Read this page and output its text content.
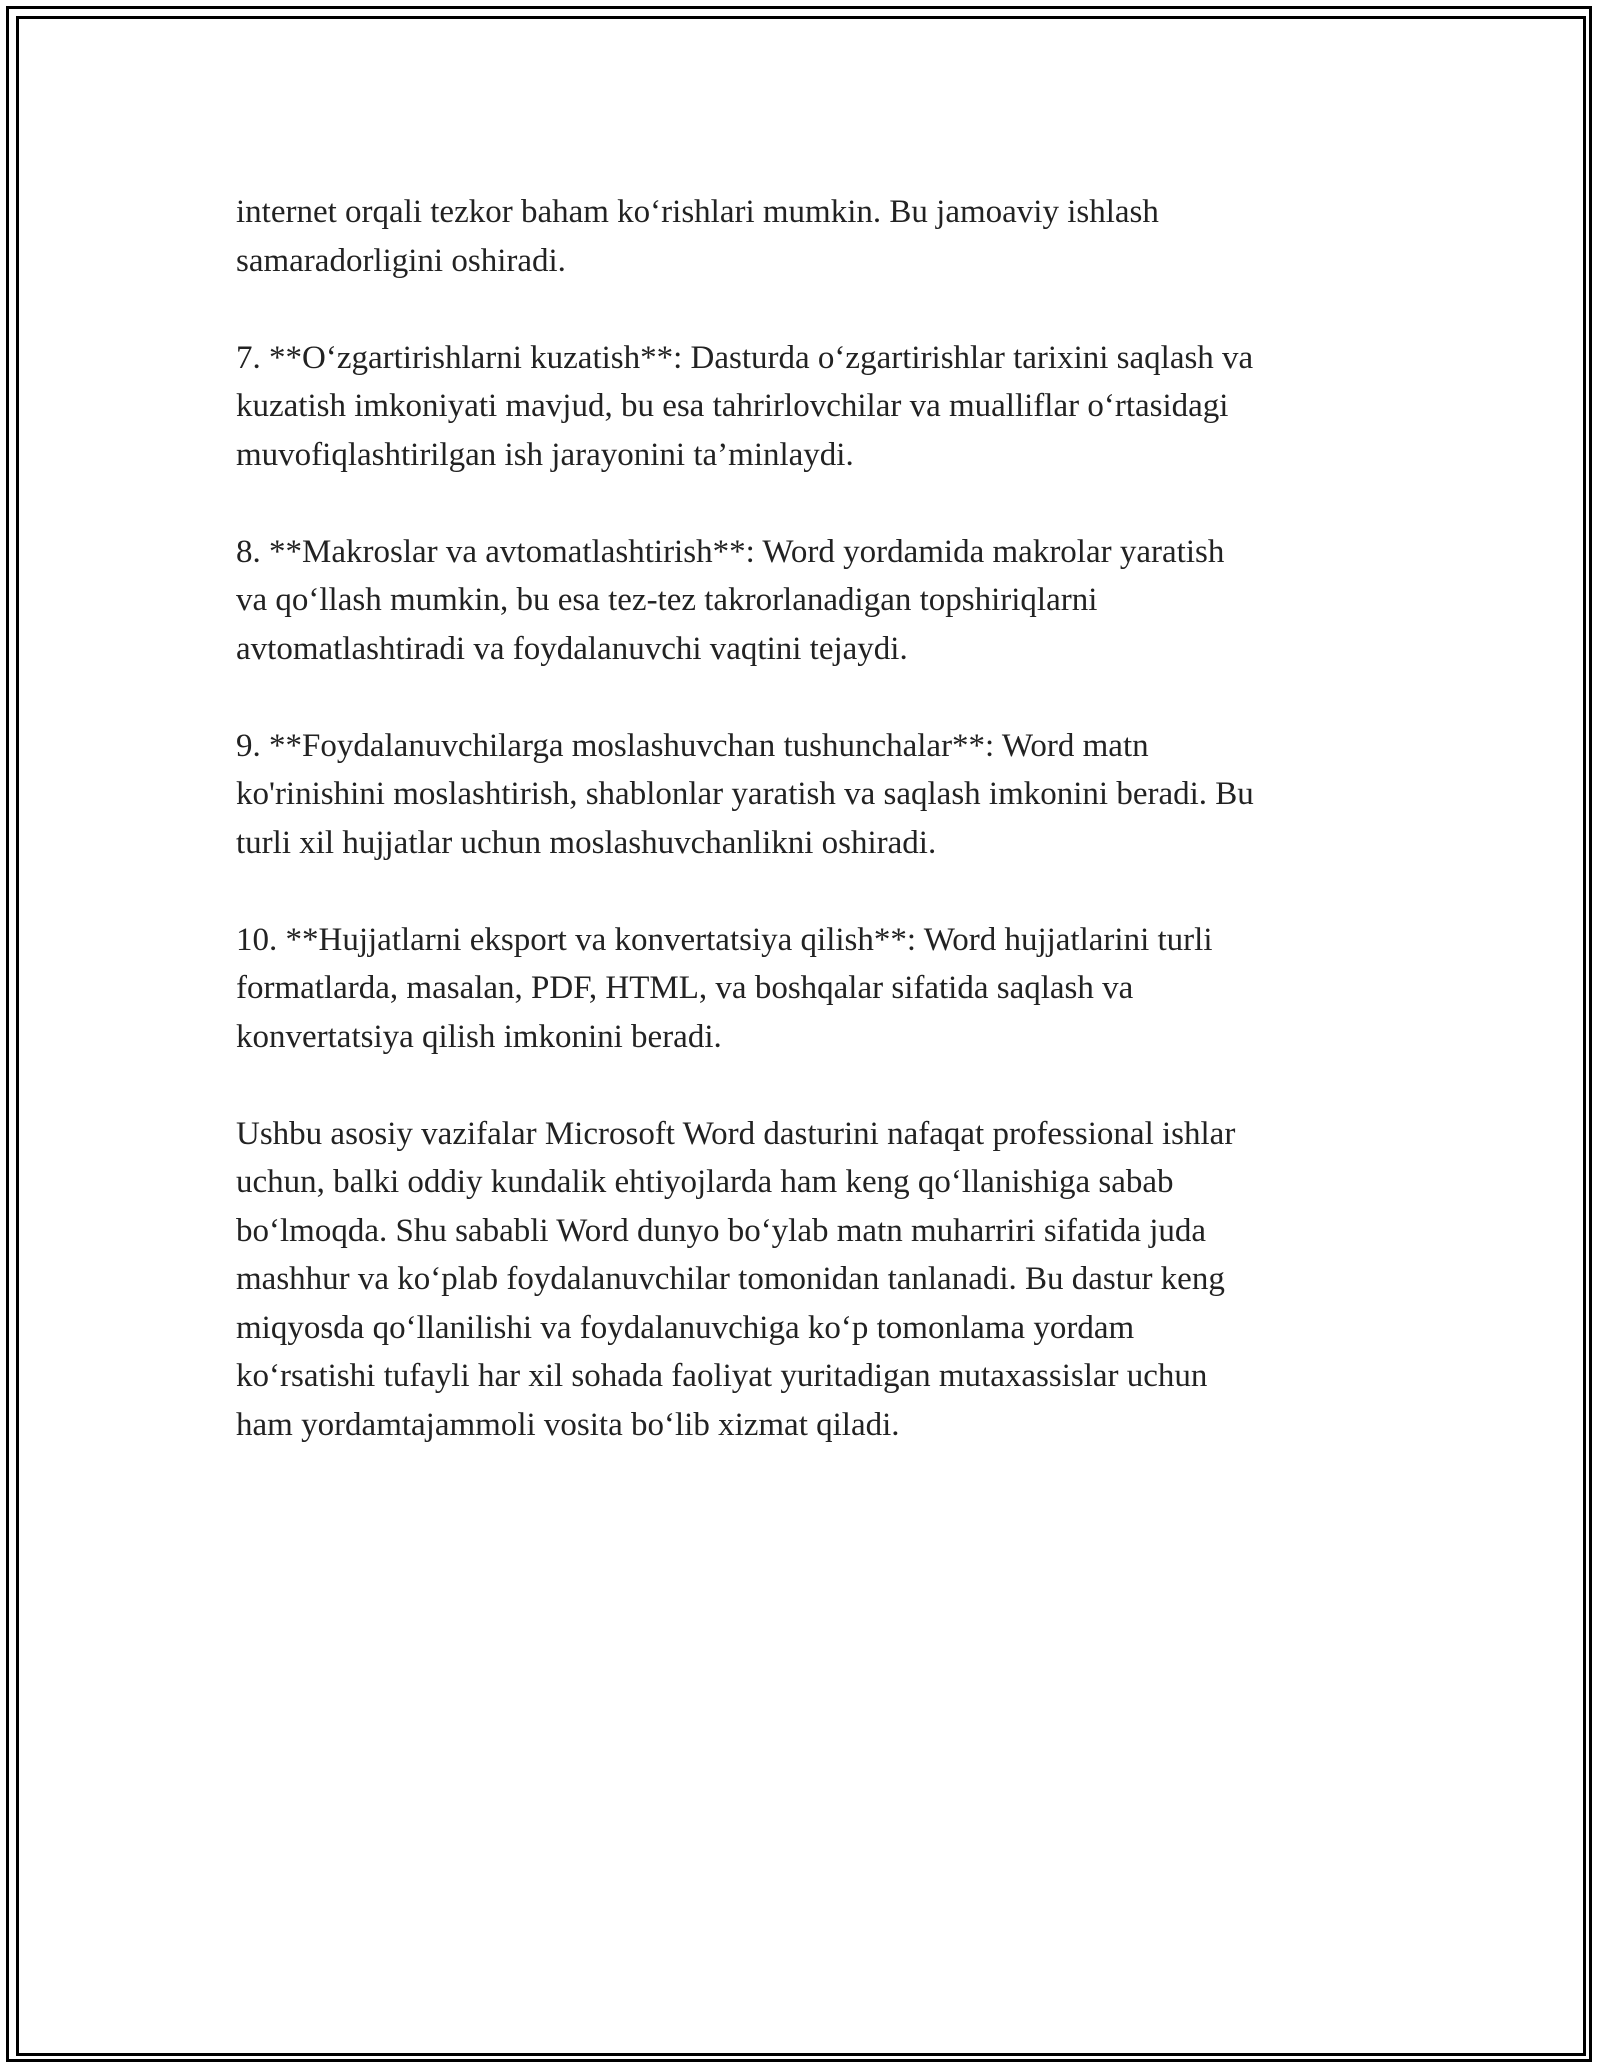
internet orqali tezkor baham koʻrishlari mumkin. Bu jamoaviy ishlash
samaradorligini oshiradi.

7. **Oʻzgartirishlarni kuzatish**: Dasturda oʻzgartirishlar tarixini saqlash va
kuzatish imkoniyati mavjud, bu esa tahrirlovchilar va mualliflar oʻrtasidagi
muvofiqlashtirilgan ish jarayonini ta’minlaydi.

8. **Makroslar va avtomatlashtirish**: Word yordamida makrolar yaratish
va qoʻllash mumkin, bu esa tez-tez takrorlanadigan topshiriqlarni
avtomatlashtiradi va foydalanuvchi vaqtini tejaydi.

9. **Foydalanuvchilarga moslashuvchan tushunchalar**: Word matn
ko'rinishini moslashtirish, shablonlar yaratish va saqlash imkonini beradi. Bu
turli xil hujjatlar uchun moslashuvchanlikni oshiradi.

10. **Hujjatlarni eksport va konvertatsiya qilish**: Word hujjatlarini turli
formatlarda, masalan, PDF, HTML, va boshqalar sifatida saqlash va
konvertatsiya qilish imkonini beradi.

Ushbu asosiy vazifalar Microsoft Word dasturini nafaqat professional ishlar
uchun, balki oddiy kundalik ehtiyojlarda ham keng qoʻllanishiga sabab
boʻlmoqda. Shu sababli Word dunyo boʻylab matn muharriri sifatida juda
mashhur va koʻplab foydalanuvchilar tomonidan tanlanadi. Bu dastur keng
miqyosda qoʻllanilishi va foydalanuvchiga koʻp tomonlama yordam
koʻrsatishi tufayli har xil sohada faoliyat yuritadigan mutaxassislar uchun
ham yordamtajammoli vosita boʻlib xizmat qiladi.
